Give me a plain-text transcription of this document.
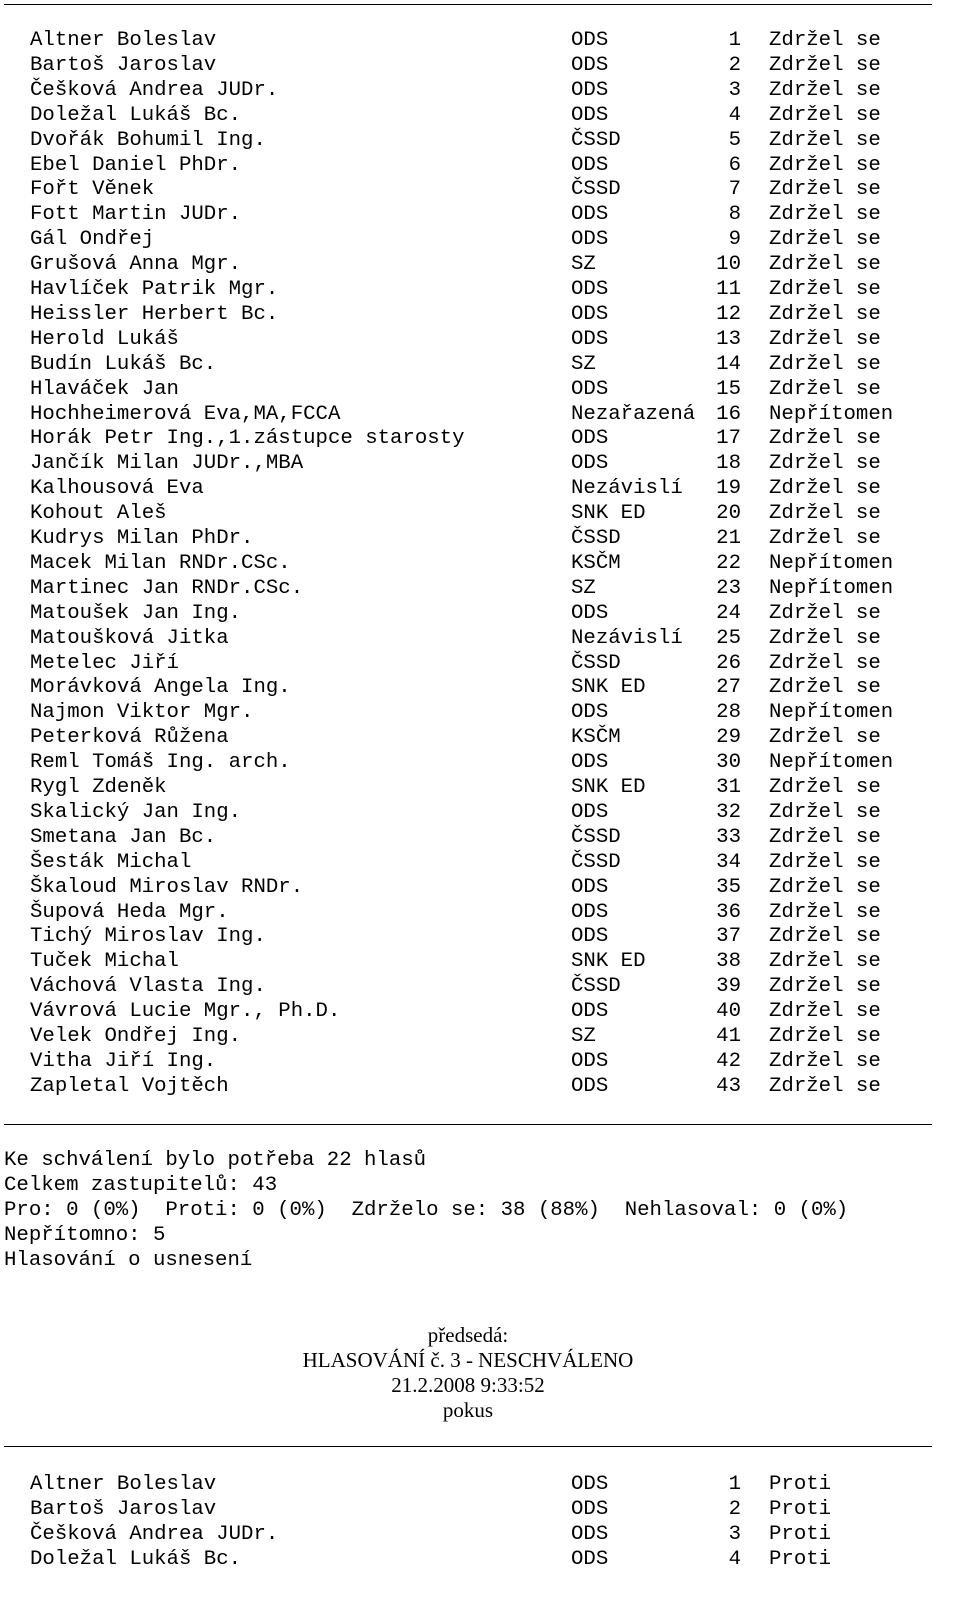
Altner Boleslav	ODS	1 Zdržel se
Bartoš Jaroslav	ODS	2 Zdržel se
Češková Andrea JUDr.	ODS	3 Zdržel se
Doležal Lukáš Bc.	ODS	4 Zdržel se
Dvořák Bohumil Ing.	ČSSD	5 Zdržel se
Ebel Daniel PhDr.	ODS	6 Zdržel se
Fořt Věnek	ČSSD	7 Zdržel se
Fott Martin JUDr.	ODS	8 Zdržel se
Gál Ondřej	ODS	9 Zdržel se
Grušová Anna Mgr.	SZ	10 Zdržel se
Havlíček Patrik Mgr.	ODS	11 Zdržel se
Heissler Herbert Bc.	ODS	12 Zdržel se
Herold Lukáš	ODS	13 Zdržel se
Budín Lukáš Bc.	SZ	14 Zdržel se
Hlaváček Jan	ODS	15 Zdržel se
Hochheimerová Eva,MA,FCCA	Nezařazená	16 Nepřítomen
Horák Petr Ing.,1.zástupce starosty	ODS	17 Zdržel se
Jančík Milan JUDr.,MBA	ODS	18 Zdržel se
Kalhousová Eva	Nezávislí	19 Zdržel se
Kohout Aleš	SNK ED	20 Zdržel se
Kudrys Milan PhDr.	ČSSD	21 Zdržel se
Macek Milan RNDr.CSc.	KSČM	22 Nepřítomen
Martinec Jan RNDr.CSc.	SZ	23 Nepřítomen
Matoušek Jan Ing.	ODS	24 Zdržel se
Matoušková Jitka	Nezávislí	25 Zdržel se
Metelec Jiří	ČSSD	26 Zdržel se
Morávková Angela Ing.	SNK ED	27 Zdržel se
Najmon Viktor Mgr.	ODS	28 Nepřítomen
Peterková Růžena	KSČM	29 Zdržel se
Reml Tomáš Ing. arch.	ODS	30 Nepřítomen
Rygl Zdeněk	SNK ED	31 Zdržel se
Skalický Jan Ing.	ODS	32 Zdržel se
Smetana Jan Bc.	ČSSD	33 Zdržel se
Šesták Michal	ČSSD	34 Zdržel se
Škaloud Miroslav RNDr.	ODS	35 Zdržel se
Šupová Heda Mgr.	ODS	36 Zdržel se
Tichý Miroslav Ing.	ODS	37 Zdržel se
Tuček Michal	SNK ED	38 Zdržel se
Váchová Vlasta Ing.	ČSSD	39 Zdržel se
Vávrová Lucie Mgr., Ph.D.	ODS	40 Zdržel se
Velek Ondřej Ing.	SZ	41 Zdržel se
Vitha Jiří Ing.	ODS	42 Zdržel se
Zapletal Vojtěch	ODS	43 Zdržel se
Ke schválení bylo potřeba 22 hlasů
Celkem zastupitelů: 43
Pro: 0 (0%)  Proti: 0 (0%)  Zdrželo se: 38 (88%)  Nehlasoval: 0 (0%)
Nepřítomno: 5
Hlasování o usnesení
předsedá:
HLASOVÁNÍ č. 3 - NESCHVÁLENO
21.2.2008 9:33:52
pokus
Altner Boleslav	ODS	1 Proti
Bartoš Jaroslav	ODS	2 Proti
Češková Andrea JUDr.	ODS	3 Proti
Doležal Lukáš Bc.	ODS	4 Proti
